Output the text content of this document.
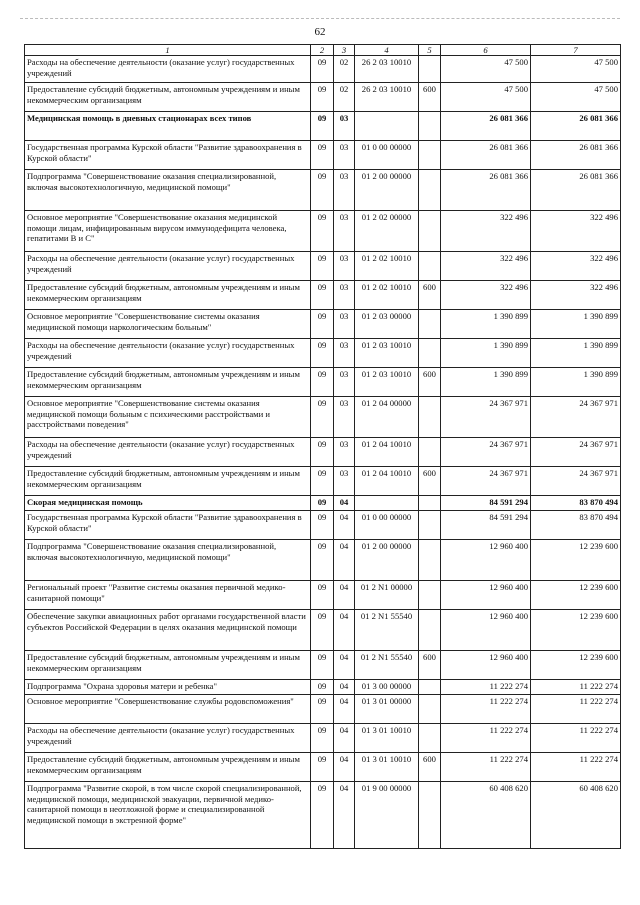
62
1	2	3	4	5	6	7
Расходы на обеспечение деятельности (оказание услуг) государственных учреждений	09	02	26 2 03 10010		47 500	47 500
Предоставление субсидий бюджетным, автономным учреждениям и иным некоммерческим организациям	09	02	26 2 03 10010	600	47 500	47 500
Медицинская помощь в дневных стационарах всех типов	09	03			26 081 366	26 081 366
Государственная программа Курской области "Развитие здравоохранения в Курской области"	09	03	01 0 00 00000		26 081 366	26 081 366
Подпрограмма "Совершенствование оказания специализированной, включая высокотехнологичную, медицинской помощи"	09	03	01 2 00 00000		26 081 366	26 081 366
Основное мероприятие "Совершенствование оказания медицинской помощи лицам, инфицированным вирусом иммунодефицита человека, гепатитами В и С"	09	03	01 2 02 00000		322 496	322 496
Расходы на обеспечение деятельности (оказание услуг) государственных учреждений	09	03	01 2 02 10010		322 496	322 496
Предоставление субсидий бюджетным, автономным учреждениям и иным некоммерческим организациям	09	03	01 2 02 10010	600	322 496	322 496
Основное мероприятие "Совершенствование системы оказания медицинской помощи наркологическим больным"	09	03	01 2 03 00000		1 390 899	1 390 899
Расходы на обеспечение деятельности (оказание услуг) государственных учреждений	09	03	01 2 03 10010		1 390 899	1 390 899
Предоставление субсидий бюджетным, автономным учреждениям и иным некоммерческим организациям	09	03	01 2 03 10010	600	1 390 899	1 390 899
Основное мероприятие "Совершенствование системы оказания медицинской помощи больным с психическими расстройствами и расстройствами поведения"	09	03	01 2 04 00000		24 367 971	24 367 971
Расходы на обеспечение деятельности (оказание услуг) государственных учреждений	09	03	01 2 04 10010		24 367 971	24 367 971
Предоставление субсидий бюджетным, автономным учреждениям и иным некоммерческим организациям	09	03	01 2 04 10010	600	24 367 971	24 367 971
Скорая медицинская помощь	09	04			84 591 294	83 870 494
Государственная программа Курской области "Развитие здравоохранения в Курской области"	09	04	01 0 00 00000		84 591 294	83 870 494
Подпрограмма "Совершенствование оказания специализированной, включая высокотехнологичную, медицинской помощи"	09	04	01 2 00 00000		12 960 400	12 239 600
Региональный проект "Развитие системы оказания первичной медико-санитарной помощи"	09	04	01 2 N1 00000		12 960 400	12 239 600
Обеспечение закупки авиационных работ органами государственной власти субъектов Российской Федерации в целях оказания медицинской помощи	09	04	01 2 N1 55540		12 960 400	12 239 600
Предоставление субсидий бюджетным, автономным учреждениям и иным некоммерческим организациям	09	04	01 2 N1 55540	600	12 960 400	12 239 600
Подпрограмма "Охрана здоровья матери и ребенка"	09	04	01 3 00 00000		11 222 274	11 222 274
Основное мероприятие "Совершенствование службы родовспоможения"	09	04	01 3 01 00000		11 222 274	11 222 274
Расходы на обеспечение деятельности (оказание услуг) государственных учреждений	09	04	01 3 01 10010		11 222 274	11 222 274
Предоставление субсидий бюджетным, автономным учреждениям и иным некоммерческим организациям	09	04	01 3 01 10010	600	11 222 274	11 222 274
Подпрограмма "Развитие скорой, в том числе скорой специализированной, медицинской помощи, медицинской эвакуации, первичной медико-санитарной помощи в неотложной форме и специализированной медицинской помощи в экстренной форме"	09	04	01 9 00 00000		60 408 620	60 408 620
